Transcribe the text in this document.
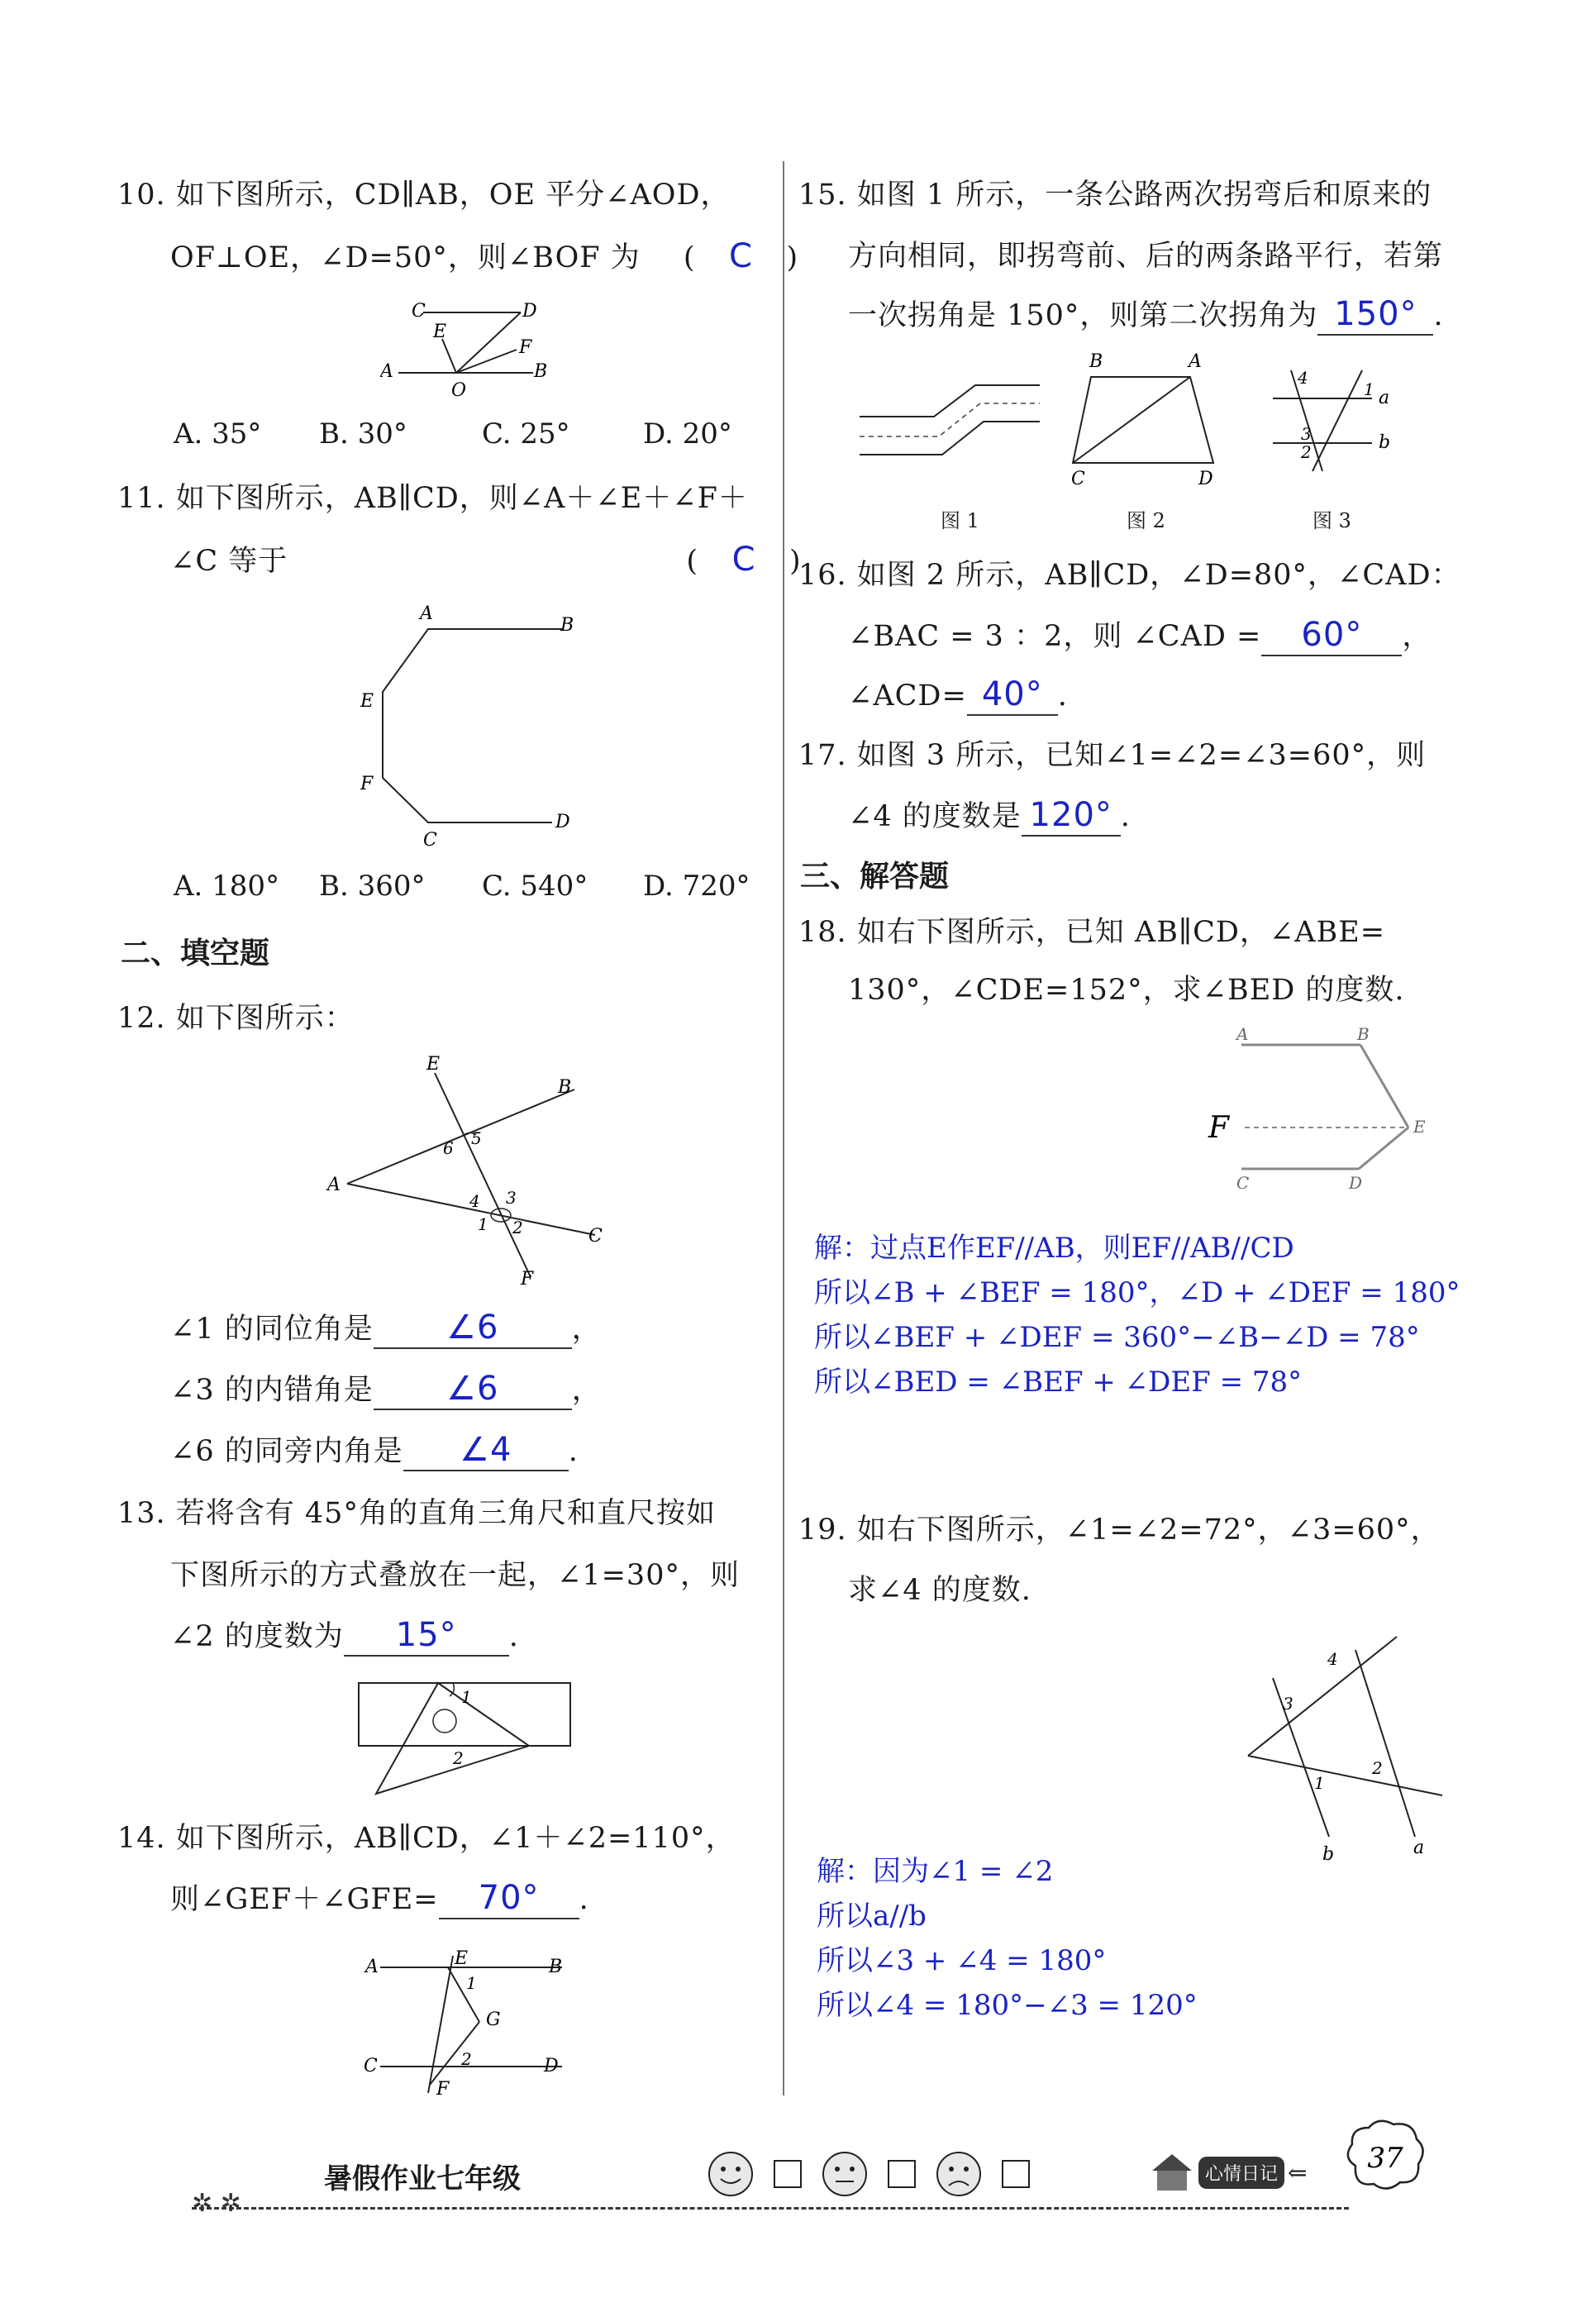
10. 如下图所示，CD∥AB，OE 平分∠AOD，
OF⊥OE，∠D=50°，则∠BOF 为 ( C )
C	D
E
F
A
O
B
A. 35° B. 30°	C. 25°	D. 20°
11. 如下图所示，AB∥CD，则∠A＋∠E＋∠F＋
∠C 等于	( C )
A
B
E
F
C
D
A. 180° B. 360° C. 540° D. 720°
二、填空题
12. 如下图所示：
E
B
A
C
F
6 5
4 3
1 2
∠1 的同位角是 ∠6	，
∠3 的内错角是 ∠6	，
∠6 的同旁内角是 ∠4 .
13. 若将含有 45°角的直角三角尺和直尺按如
下图所示的方式叠放在一起，∠1=30°，则
∠2 的度数为 15° .
1
2
14. 如下图所示，AB∥CD，∠1＋∠2=110°，
则∠GEF＋∠GFE= 70° .
A	E	B
1
G
C	2	D
F
15. 如图 1 所示，一条公路两次拐弯后和原来的
方向相同，即拐弯前、后的两条路平行，若第
一次拐角是 150°，则第二次拐角为 150° .
图 1
B	A
C	D
图 2
4
1 a
3
2	b
图 3
16. 如图 2 所示，AB∥CD，∠D=80°，∠CAD：
∠BAC = 3 ：2，则 ∠CAD = 60° ，
∠ACD= 40° .
17. 如图 3 所示，已知∠1=∠2=∠3=60°，则
∠4 的度数是 120° .
三、解答题
18. 如右下图所示，已知 AB∥CD，∠ABE=
130°，∠CDE=152°，求∠BED 的度数.
A	B
F	E
C	D
解：过点E作EF//AB，则EF//AB//CD
所以∠B + ∠BEF = 180°，∠D + ∠DEF = 180°
所以∠BEF + ∠DEF = 360°−∠B−∠D = 78°
所以∠BED = ∠BEF + ∠DEF = 78°
19. 如右下图所示，∠1=∠2=72°，∠3=60°，
求∠4 的度数.
4
3
2
1
b	a
解：因为∠1 = ∠2
所以a//b
所以∠3 + ∠4 = 180°
所以∠4 = 180°−∠3 = 120°
✲ ✲
暑假作业七年级	心情日记 ⇐ 37
